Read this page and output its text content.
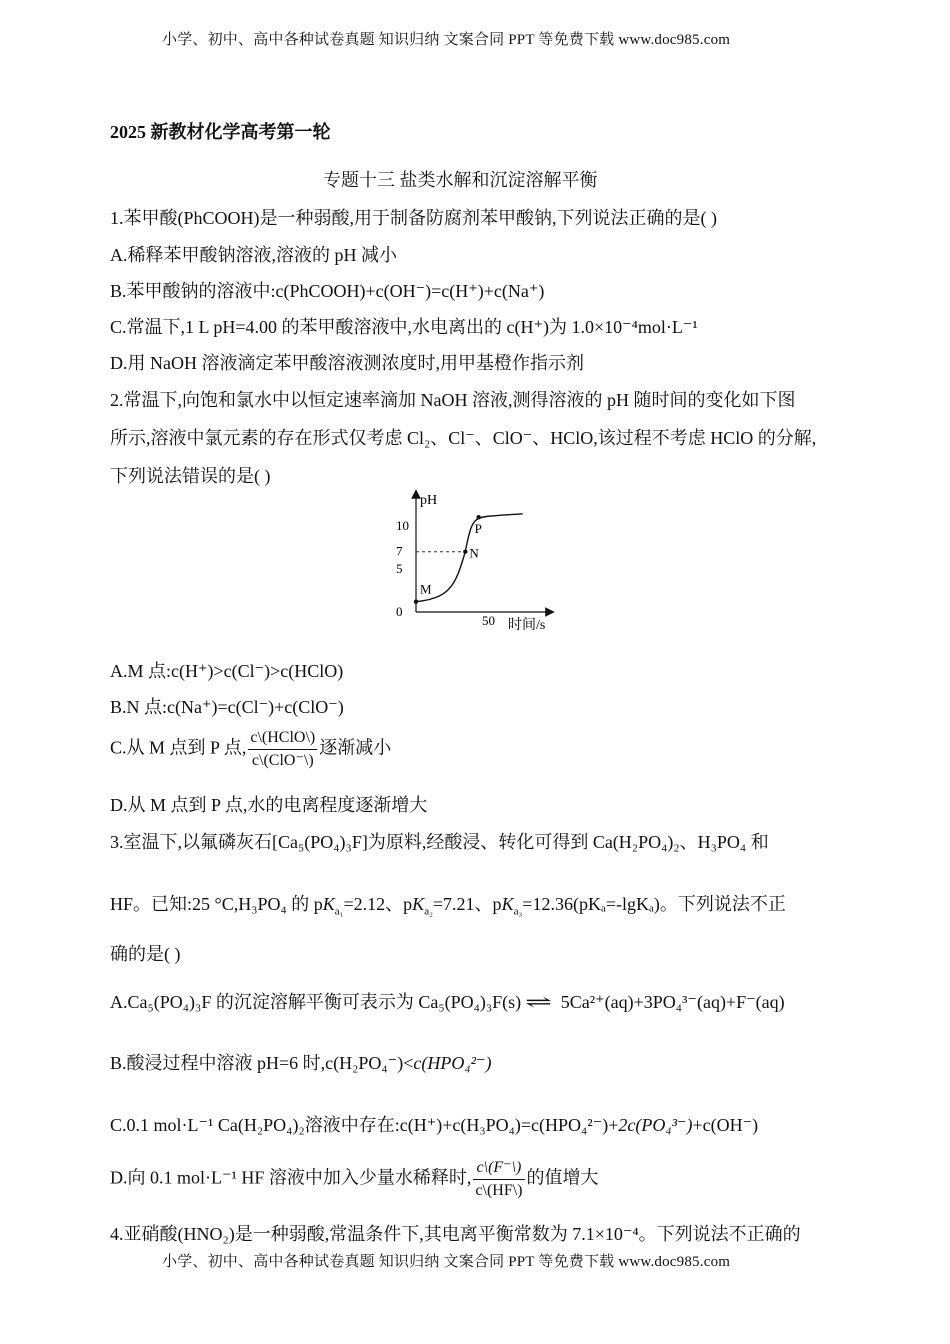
小学、初中、高中各种试卷真题 知识归纳 文案合同 PPT 等免费下载 www.doc985.com
2025 新教材化学高考第一轮
专题十三 盐类水解和沉淀溶解平衡
1.苯甲酸(PhCOOH)是一种弱酸,用于制备防腐剂苯甲酸钠,下列说法正确的是( )
A.稀释苯甲酸钠溶液,溶液的 pH 减小
B.苯甲酸钠的溶液中:c(PhCOOH)+c(OH⁻)=c(H⁺)+c(Na⁺)
C.常温下,1 L pH=4.00 的苯甲酸溶液中,水电离出的 c(H⁺)为 1.0×10⁻⁴mol·L⁻¹
D.用 NaOH 溶液滴定苯甲酸溶液测浓度时,用甲基橙作指示剂
2.常温下,向饱和氯水中以恒定速率滴加 NaOH 溶液,测得溶液的 pH 随时间的变化如下图
所示,溶液中氯元素的存在形式仅考虑 Cl₂、Cl⁻、ClO⁻、HClO,该过程不考虑 HClO 的分解,
下列说法错误的是( )
pH
时间/s
50
0
5
7
10
M
N
P
A.M 点:c(H⁺)>c(Cl⁻)>c(HClO)
B.N 点:c(Na⁺)=c(Cl⁻)+c(ClO⁻)
C.从 M 点到 P 点, $\frac{\text{c\textbackslash{}(HClO\textbackslash{})}}{\text{c\textbackslash{}(ClO⁻\textbackslash{})}}$ 逐渐减小
D.从 M 点到 P 点,水的电离程度逐渐增大
3.室温下,以氟磷灰石[Ca₅(PO₄)₃F]为原料,经酸浸、转化可得到 Ca(H₂PO₄)₂、H₃PO₄ 和
HF。已知:25 °C,H₃PO₄ 的 $pK_{a_1}=2.12$、$pK_{a_2}=7.21$、$pK_{a_3}=12.36(pK_a=-\lg K_a)$。下列说法不正
确的是( )
A.Ca₅(PO₄)₃F 的沉淀溶解平衡可表示为 Ca₅(PO₄)₃F(s) ⇌ 5Ca²⁺(aq)+3PO₄³⁻(aq)+F⁻(aq)
B.酸浸过程中溶液 pH=6 时,c(H₂PO₄⁻)<c(HPO₄²⁻)
C.0.1 mol·L⁻¹ Ca(H₂PO₄)₂溶液中存在:c(H⁺)+c(H₃PO₄)=c(HPO₄²⁻)+2c(PO₄³⁻)+c(OH⁻)
D.向 0.1 mol·L⁻¹ HF 溶液中加入少量水稀释时, $\frac{c\backslash(F^-\backslash)}{c\backslash(HF\backslash)}$ 的值增大
4.亚硝酸(HNO₂)是一种弱酸,常温条件下,其电离平衡常数为 7.1×10⁻⁴。下列说法不正确的
小学、初中、高中各种试卷真题 知识归纳 文案合同 PPT 等免费下载 www.doc985.com
